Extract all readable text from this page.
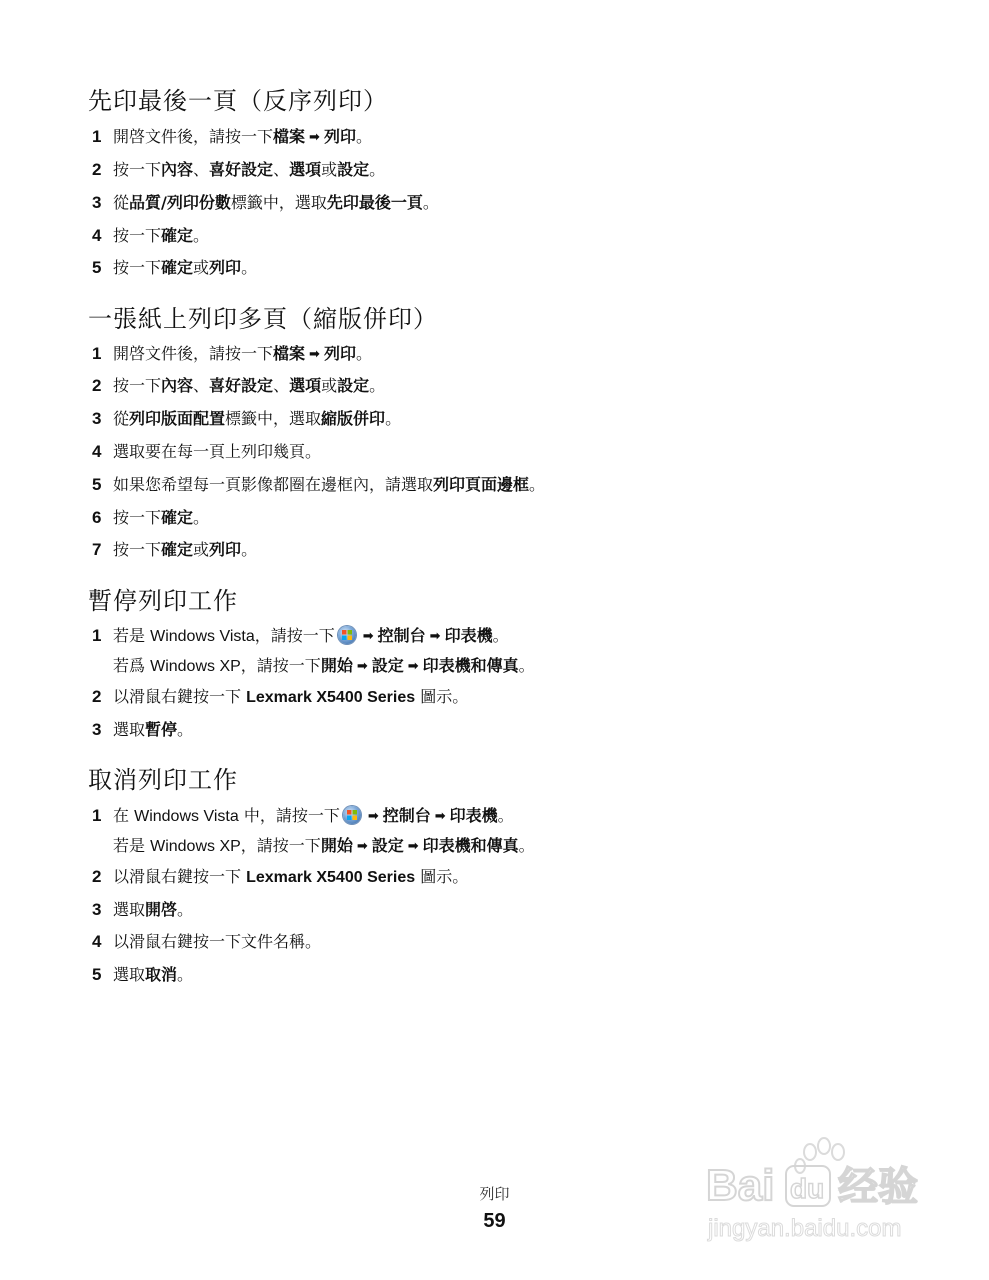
先印最後一頁（反序列印）
1 開啓文件後，請按一下檔案 ➡ 列印。
2 按一下內容、喜好設定、選項或設定。
3 從品質/列印份數標籤中，選取先印最後一頁。
4 按一下確定。
5 按一下確定或列印。
一張紙上列印多頁（縮版併印）
1 開啓文件後，請按一下檔案 ➡ 列印。
2 按一下內容、喜好設定、選項或設定。
3 從列印版面配置標籤中，選取縮版併印。
4 選取要在每一頁上列印幾頁。
5 如果您希望每一頁影像都圈在邊框內，請選取列印頁面邊框。
6 按一下確定。
7 按一下確定或列印。
暫停列印工作
1 若是 Windows Vista，請按一下 ➡ 控制台 ➡ 印表機。
若爲 Windows XP，請按一下開始 ➡ 設定 ➡ 印表機和傳真。
2 以滑鼠右鍵按一下 Lexmark X5400 Series 圖示。
3 選取暫停。
取消列印工作
1 在 Windows Vista 中，請按一下 ➡ 控制台 ➡ 印表機。
若是 Windows XP，請按一下開始 ➡ 設定 ➡ 印表機和傳真。
2 以滑鼠右鍵按一下 Lexmark X5400 Series 圖示。
3 選取開啓。
4 以滑鼠右鍵按一下文件名稱。
5 選取取消。
列印
59
Bai du 经验
jingyan.baidu.com
